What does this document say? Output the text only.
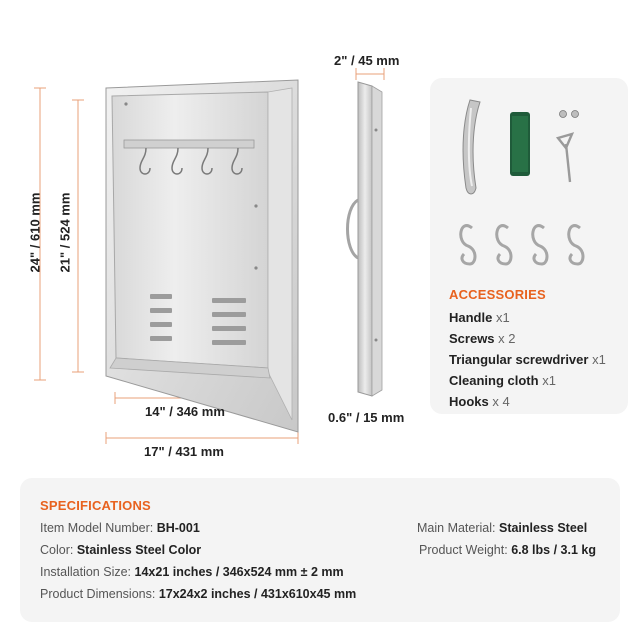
24" / 610 mm 21" / 524 mm
14" / 346 mm
17" / 431 mm
2" / 45 mm
0.6" / 15 mm
ACCESSORIES
Handle x1
Screws x 2
Triangular screwdriver x1
Cleaning cloth x1
Hooks x 4
SPECIFICATIONS
Item Model Number: BH-001
Color: Stainless Steel Color
Installation Size: 14x21 inches / 346x524 mm ± 2 mm
Product Dimensions: 17x24x2 inches / 431x610x45 mm
Main Material: Stainless Steel
Product Weight: 6.8 lbs / 3.1 kg
